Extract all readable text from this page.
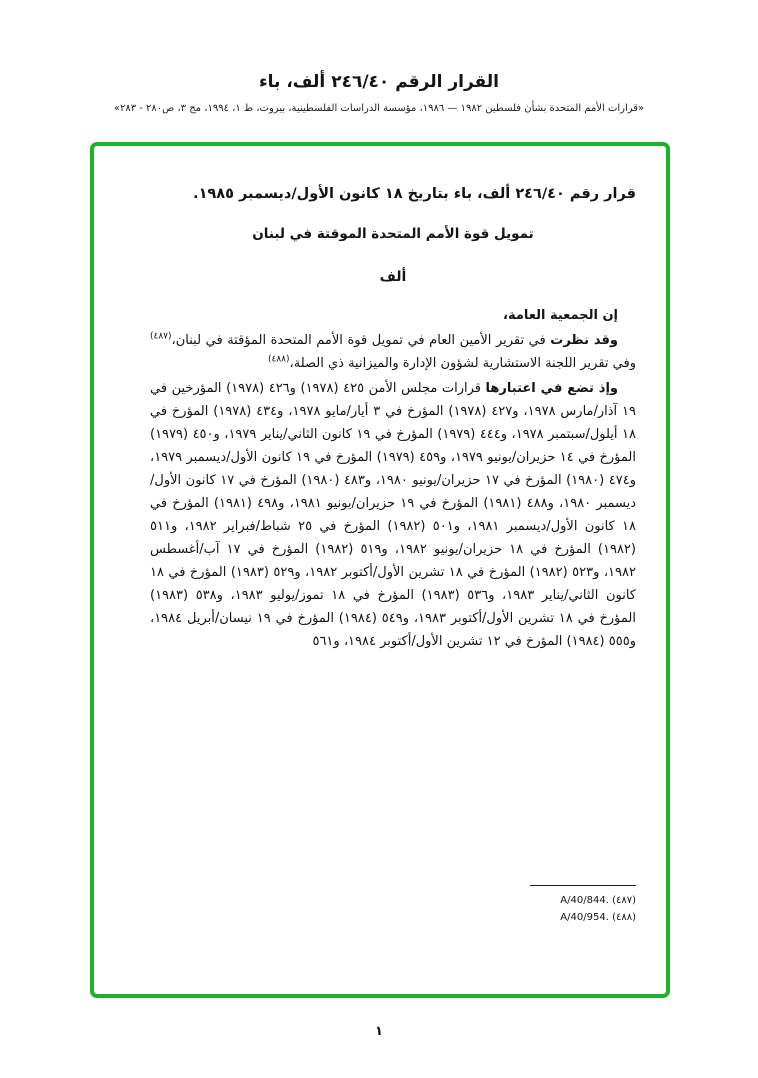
القرار الرقم ٢٤٦/٤٠ ألف، باء
«قرارات الأمم المتحدة بشأن فلسطين ١٩٨٢ — ١٩٨٦، مؤسسة الدراسات الفلسطينية، بيروت، ط ١، ١٩٩٤، مج ٣، ص٢٨٠ - ٢٨٣»

قرار رقم ٢٤٦/٤٠ ألف، باء بتاريخ ١٨ كانون الأول/ديسمبر ١٩٨٥.

تمويل قوة الأمم المتحدة الموقتة في لبنان

ألف

إن الجمعية العامة،

وقد نظرت في تقرير الأمين العام في تمويل قوة الأمم المتحدة المؤقتة في لبنان،$^{(٤٨٧)}$ وفي تقرير اللجنة الاستشارية لشؤون الإدارة والميزانية ذي الصلة،$^{(٤٨٨)}$

وإذ تضع في اعتبارها قرارات مجلس الأمن ٤٢٥ (١٩٧٨) و٤٢٦ (١٩٧٨) المؤرخين في ١٩ آذار/مارس ١٩٧٨، و٤٢٧ (١٩٧٨) المؤرخ في ٣ أيار/مايو ١٩٧٨، و٤٣٤ (١٩٧٨) المؤرخ في ١٨ أيلول/سبتمبر ١٩٧٨، و٤٤٤ (١٩٧٩) المؤرخ في ١٩ كانون الثاني/يناير ١٩٧٩، و٤٥٠ (١٩٧٩) المؤرخ في ١٤ حزيران/يونيو ١٩٧٩، و٤٥٩ (١٩٧٩) المؤرخ في ١٩ كانون الأول/ديسمبر ١٩٧٩، و٤٧٤ (١٩٨٠) المؤرخ في ١٧ حزيران/يونيو ١٩٨٠، و٤٨٣ (١٩٨٠) المؤرخ في ١٧ كانون الأول/ديسمبر ١٩٨٠، و٤٨٨ (١٩٨١) المؤرخ في ١٩ حزيران/يونيو ١٩٨١، و٤٩٨ (١٩٨١) المؤرخ في ١٨ كانون الأول/ديسمبر ١٩٨١، و٥٠١ (١٩٨٢) المؤرخ في ٢٥ شباط/فبراير ١٩٨٢، و٥١١ (١٩٨٢) المؤرخ في ١٨ حزيران/يونيو ١٩٨٢، و٥١٩ (١٩٨٢) المؤرخ في ١٧ آب/أغسطس ١٩٨٢، و٥٢٣ (١٩٨٢) المؤرخ في ١٨ تشرين الأول/أكتوبر ١٩٨٢، و٥٢٩ (١٩٨٣) المؤرخ في ١٨ كانون الثاني/يناير ١٩٨٣، و٥٣٦ (١٩٨٣) المؤرخ في ١٨ تموز/يوليو ١٩٨٣، و٥٣٨ (١٩٨٣) المؤرخ في ١٨ تشرين الأول/أكتوبر ١٩٨٣، و٥٤٩ (١٩٨٤) المؤرخ في ١٩ نيسان/أبريل ١٩٨٤، و٥٥٥ (١٩٨٤) المؤرخ في ١٢ تشرين الأول/أكتوبر ١٩٨٤، و٥٦١

(٤٨٧) A/40/844.
(٤٨٨) A/40/954.
١
